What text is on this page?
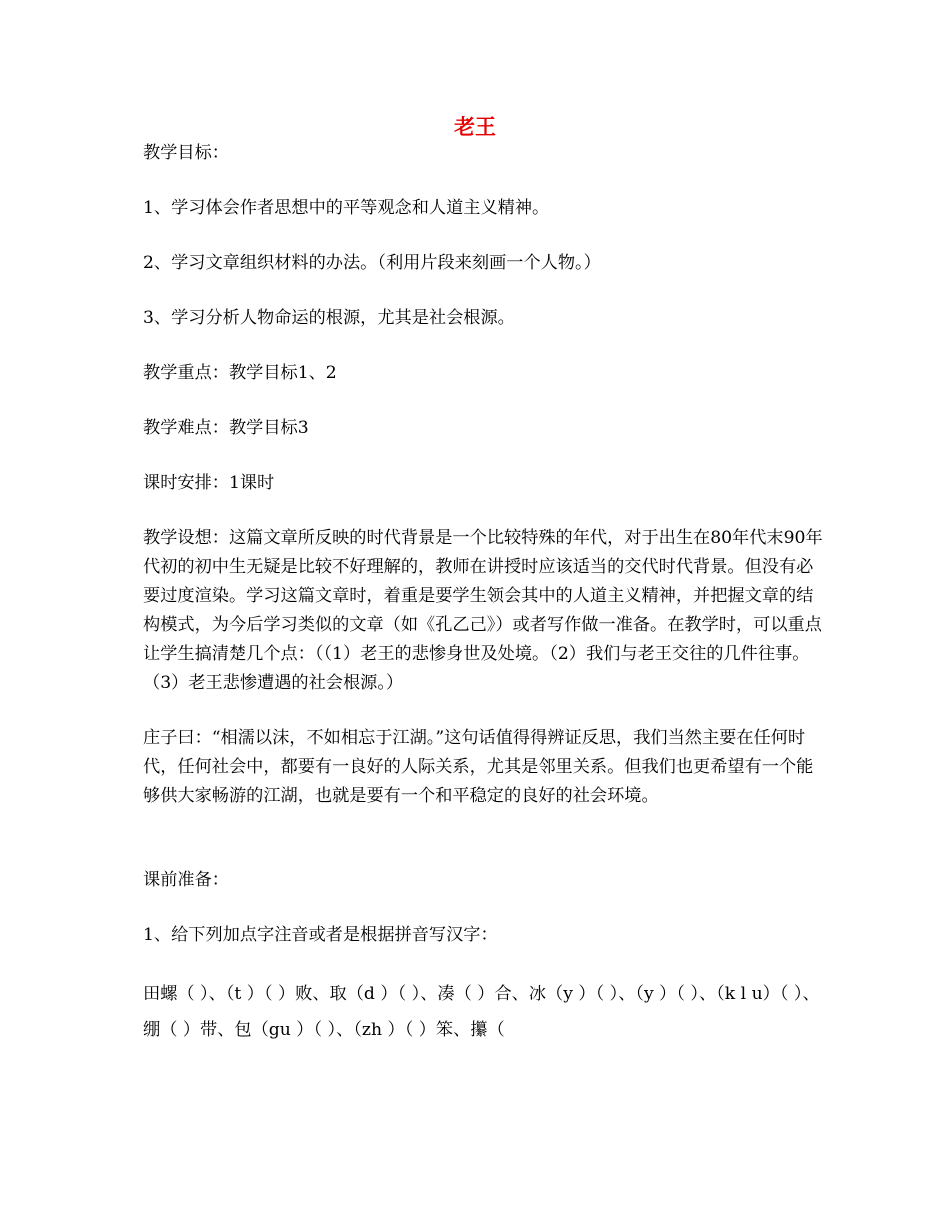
老王

教学目标：

1、学习体会作者思想中的平等观念和人道主义精神。

2、学习文章组织材料的办法。（利用片段来刻画一个人物。）

3、学习分析人物命运的根源，尤其是社会根源。

教学重点：教学目标1、2

教学难点：教学目标3

课时安排：1课时

教学设想：这篇文章所反映的时代背景是一个比较特殊的年代，对于出生在80年代末90年代初的初中生无疑是比较不好理解的，教师在讲授时应该适当的交代时代背景。但没有必要过度渲染。学习这篇文章时，着重是要学生领会其中的人道主义精神，并把握文章的结构模式，为今后学习类似的文章（如《孔乙己》）或者写作做一准备。在教学时，可以重点让学生搞清楚几个点：（（1）老王的悲惨身世及处境。（2）我们与老王交往的几件往事。（3）老王悲惨遭遇的社会根源。）

庄子曰：“相濡以沫，不如相忘于江湖。”这句话值得得辨证反思，我们当然主要在任何时代，任何社会中，都要有一良好的人际关系，尤其是邻里关系。但我们也更希望有一个能够供大家畅游的江湖，也就是要有一个和平稳定的良好的社会环境。

课前准备：

1、给下列加点字注音或者是根据拼音写汉字：

田螺（ ）、（t ）（ ）败、取（d ）（ ）、凑（ ）合、冰（y ）（ ）、（y ）（ ）、（k l u）（ ）、绷（ ）带、包（gu ）（ ）、（zh ）（ ）笨、攥（
